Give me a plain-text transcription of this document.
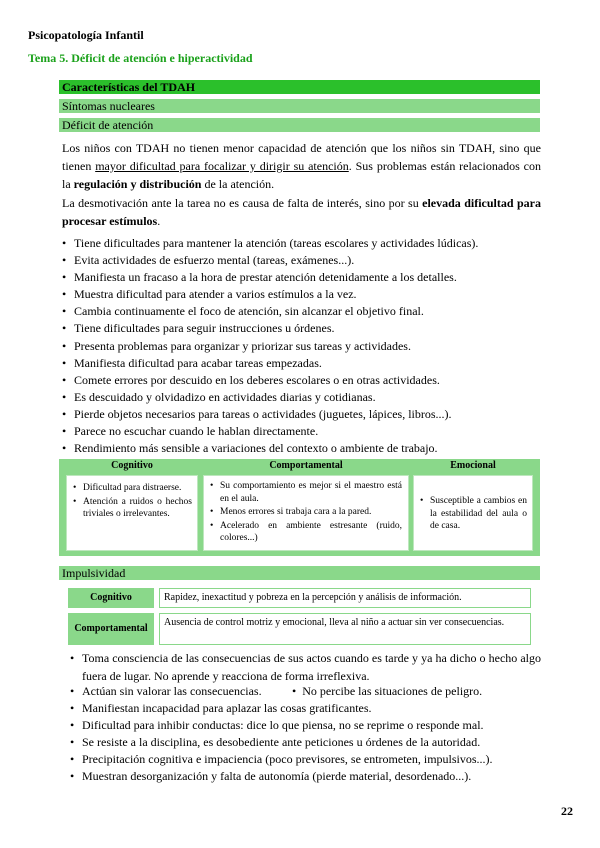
Psicopatología Infantil
Tema 5. Déficit de atención e hiperactividad
Características del TDAH
Síntomas nucleares
Déficit de atención

Los niños con TDAH no tienen menor capacidad de atención que los niños sin TDAH, sino que tienen mayor dificultad para focalizar y dirigir su atención. Sus problemas están relacionados con la regulación y distribución de la atención.

La desmotivación ante la tarea no es causa de falta de interés, sino por su elevada dificultad para procesar estímulos.

• Tiene dificultades para mantener la atención (tareas escolares y actividades lúdicas).
• Evita actividades de esfuerzo mental (tareas, exámenes...).
• Manifiesta un fracaso a la hora de prestar atención detenidamente a los detalles.
• Muestra dificultad para atender a varios estímulos a la vez.
• Cambia continuamente el foco de atención, sin alcanzar el objetivo final.
• Tiene dificultades para seguir instrucciones u órdenes.
• Presenta problemas para organizar y priorizar sus tareas y actividades.
• Manifiesta dificultad para acabar tareas empezadas.
• Comete errores por descuido en los deberes escolares o en otras actividades.
• Es descuidado y olvidadizo en actividades diarias y cotidianas.
• Pierde objetos necesarios para tareas o actividades (juguetes, lápices, libros...).
• Parece no escuchar cuando le hablan directamente.
• Rendimiento más sensible a variaciones del contexto o ambiente de trabajo.
Cognitivo	Comportamental	Emocional
• Dificultad para distraerse.
• Atención a ruidos o hechos triviales o irrelevantes.
• Su comportamiento es mejor si el maestro está en el aula.
• Menos errores si trabaja cara a la pared.
• Acelerado en ambiente estresante (ruido, colores...)
• Susceptible a cambios en la estabilidad del aula o de casa.
Impulsividad
Cognitivo	Rapidez, inexactitud y pobreza en la percepción y análisis de información.
Comportamental
Ausencia de control motriz y emocional, lleva al niño a actuar sin ver consecuencias.
• Toma consciencia de las consecuencias de sus actos cuando es tarde y ya ha dicho o hecho algo fuera de lugar. No aprende y reacciona de forma irreflexiva.
• Actúan sin valorar las consecuencias.	•  No percibe las situaciones de peligro.
• Manifiestan incapacidad para aplazar las cosas gratificantes.
• Dificultad para inhibir conductas: dice lo que piensa, no se reprime o responde mal.
• Se resiste a la disciplina, es desobediente ante peticiones u órdenes de la autoridad.
• Precipitación cognitiva e impaciencia (poco previsores, se entrometen, impulsivos...).
• Muestran desorganización y falta de autonomía (pierde material, desordenado...).
22
